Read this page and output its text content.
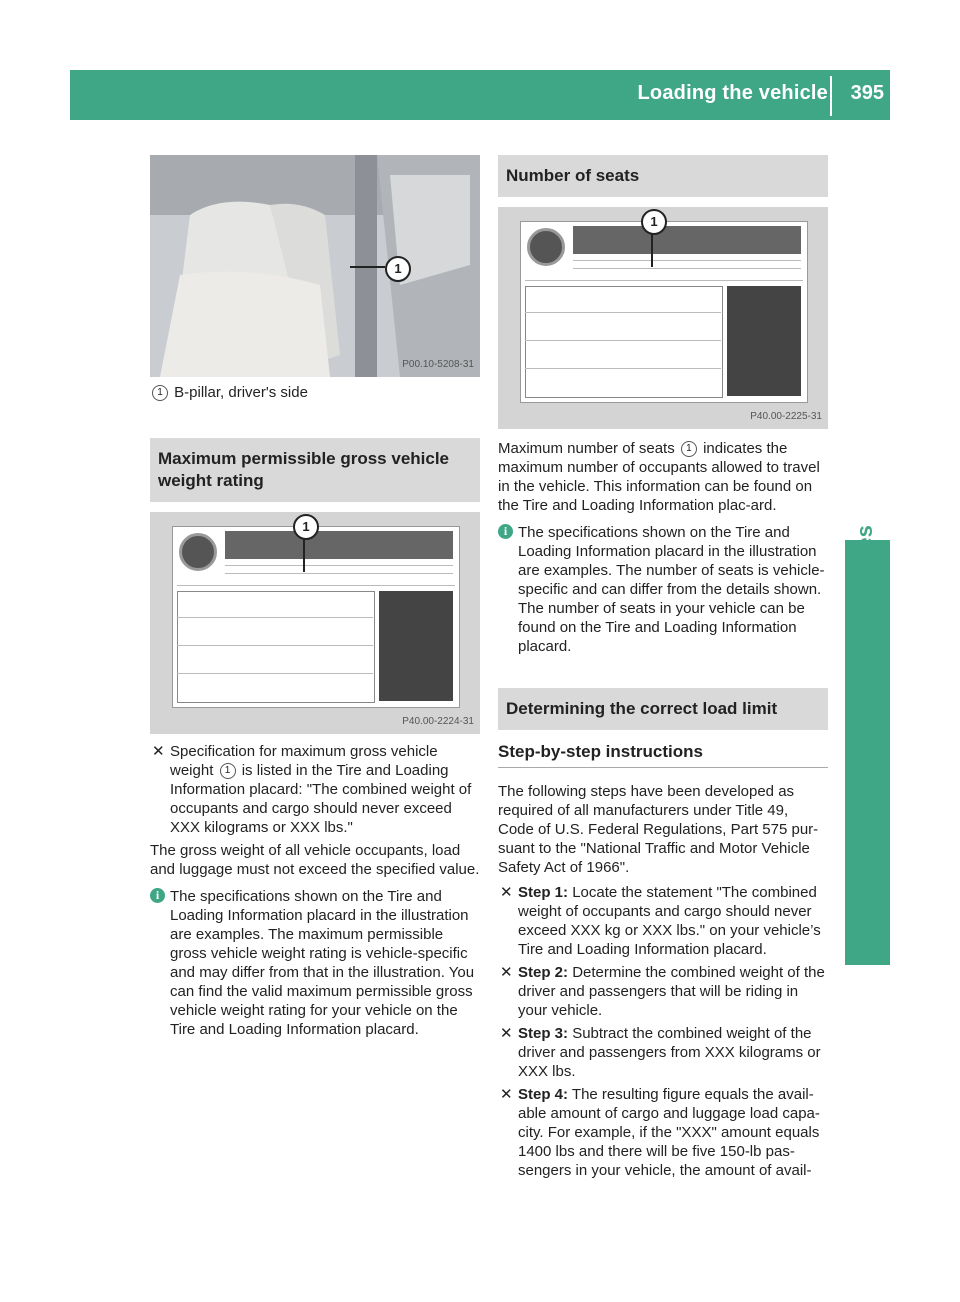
Loading the vehicle 395
Wheels and tires
1
P00.10-5208-31

1 B-pillar, driver's side

Maximum permissible gross vehicle weight rating
1
P40.00-2224-31
✕ Specification for maximum gross vehicle weight 1 is listed in the Tire and Loading Information placard: "The combined weight of occupants and cargo should never exceed XXX kilograms or XXX lbs."

The gross weight of all vehicle occupants, load and luggage must not exceed the specified value.

i The specifications shown on the Tire and Loading Information placard in the illustration are examples. The maximum permissible gross vehicle weight rating is vehicle-specific and may differ from that in the illustration. You can find the valid maximum permissible gross vehicle weight rating for your vehicle on the Tire and Loading Information placard.
Number of seats
1
P40.00-2225-31

Maximum number of seats 1 indicates the maximum number of occupants allowed to travel in the vehicle. This information can be found on the Tire and Loading Information plac-ard.

i The specifications shown on the Tire and Loading Information placard in the illustration are examples. The number of seats is vehicle-specific and can differ from the details shown. The number of seats in your vehicle can be found on the Tire and Loading Information placard.
Determining the correct load limit
Step-by-step instructions

The following steps have been developed as required of all manufacturers under Title 49, Code of U.S. Federal Regulations, Part 575 pur-suant to the "National Traffic and Motor Vehicle Safety Act of 1966".

✕ Step 1: Locate the statement "The combined weight of occupants and cargo should never exceed XXX kg or XXX lbs." on your vehicle’s Tire and Loading Information placard.
✕ Step 2: Determine the combined weight of the driver and passengers that will be riding in your vehicle.
✕ Step 3: Subtract the combined weight of the driver and passengers from XXX kilograms or XXX lbs.
✕ Step 4: The resulting figure equals the avail-able amount of cargo and luggage load capa-city. For example, if the "XXX" amount equals 1400 lbs and there will be five 150-lb pas-sengers in your vehicle, the amount of avail-
